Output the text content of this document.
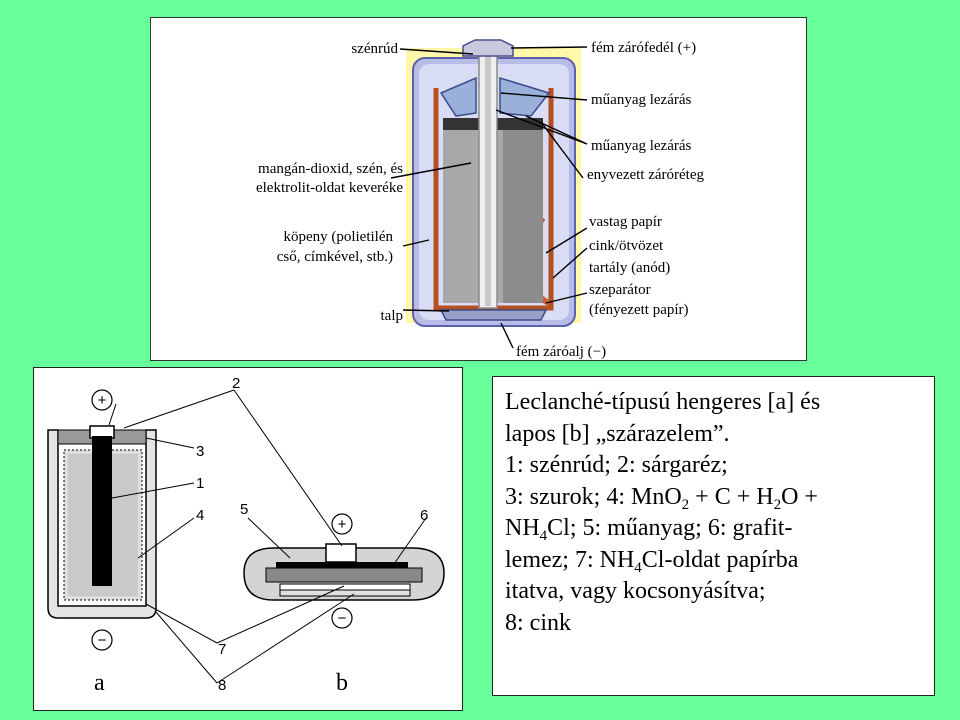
szénrúd	fém zárófedél (+)
műanyag lezárás
műanyag lezárás
mangán-dioxid, szén, és
elektrolit-oldat keveréke
enyvezett záróréteg
köpeny (polietilén
cső, címkével, stb.)
vastag papír
cink/ötvözet
tartály (anód)
szeparátor
(fényezett papír)
talp
fém záróalj (−)
+
−
+
−
2
3
1
4 5	6
7
8
a	b

Leclanché-típusú hengeres [a] és

lapos [b] „szárazelem”.

1: szénrúd; 2: sárgaréz;

3: szurok; 4: $MnO_2 + C + H_2O$ +

$NH_4Cl$; 5: műanyag; 6: grafit-

lemez; 7: $NH_4Cl$-oldat papírba

itatva, vagy kocsonyásítva;

8: cink
